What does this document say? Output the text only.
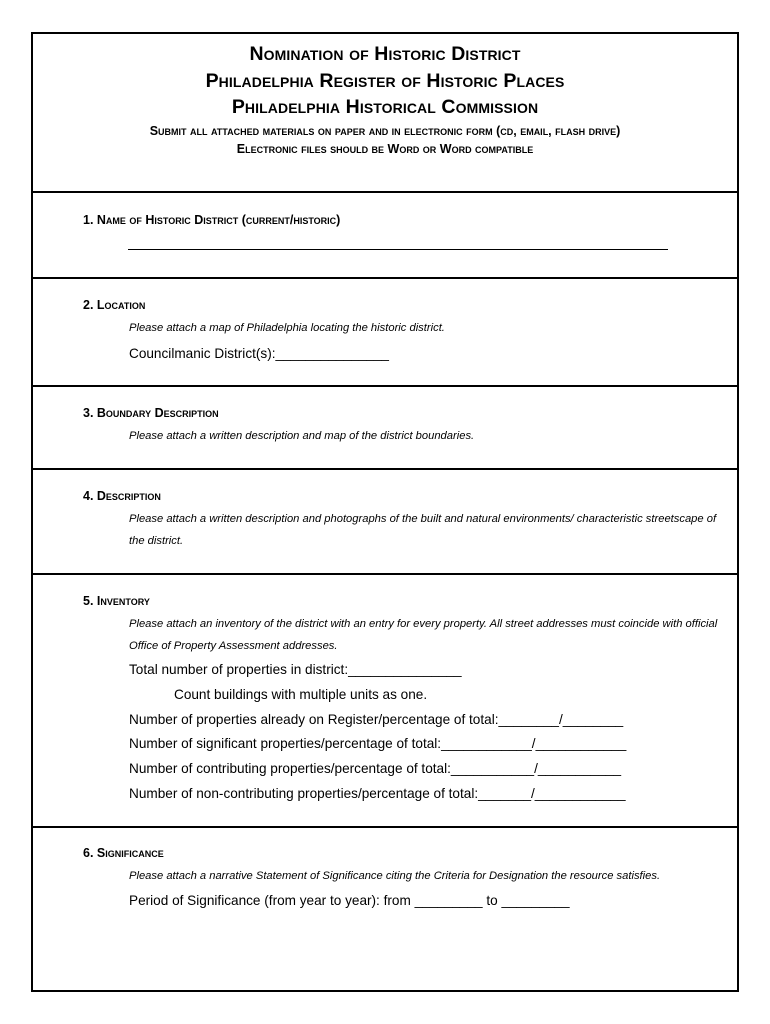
Nomination of Historic District
Philadelphia Register of Historic Places
Philadelphia Historical Commission
Submit all attached materials on paper and in electronic form (cd, email, flash drive)
Electronic files should be Word or Word compatible
1. Name of Historic District (current/historic)
2. Location
Please attach a map of Philadelphia locating the historic district.
Councilmanic District(s):_______________
3. Boundary Description
Please attach a written description and map of the district boundaries.
4. Description
Please attach a written description and photographs of the built and natural environments/ characteristic streetscape of the district.
5. Inventory
Please attach an inventory of the district with an entry for every property. All street addresses must coincide with official Office of Property Assessment addresses.
Total number of properties in district:_______________
Count buildings with multiple units as one.
Number of properties already on Register/percentage of total:________/________
Number of significant properties/percentage of total:____________/____________
Number of contributing properties/percentage of total:___________/___________
Number of non-contributing properties/percentage of total:_______/____________
6. Significance
Please attach a narrative Statement of Significance citing the Criteria for Designation the resource satisfies.
Period of Significance (from year to year): from _________ to _________
